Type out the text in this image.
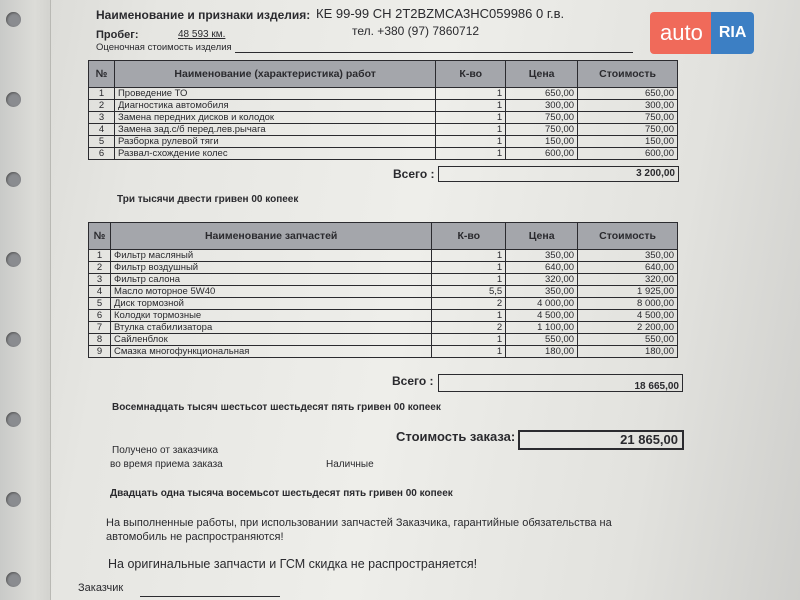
Наименование и признаки изделия: КЕ 99-99 СН 2T2BZMCA3HC059986 0 г.в.
Пробег:	48 593 км.	тел. +380 (97) 7860712
Оценочная стоимость изделия
auto	RIA
№	Наименование (характеристика) работ	К-во	Цена	Стоимость
1	Проведение ТО	1	650,00	650,00
2	Диагностика автомобиля	1	300,00	300,00
3	Замена передних дисков и колодок	1	750,00	750,00
4	Замена зад.с/б перед.лев.рычага	1	750,00	750,00
5	Разборка рулевой тяги	1	150,00	150,00
6	Развал-схождение колес	1	600,00	600,00
Всего :	3 200,00
Три тысячи двести гривен 00 копеек
№	Наименование запчастей	К-во	Цена	Стоимость
1	Фильтр масляный	1	350,00	350,00
2	Фильтр воздушный	1	640,00	640,00
3	Фильтр салона	1	320,00	320,00
4	Масло моторное 5W40	5,5	350,00	1 925,00
5	Диск тормозной	2	4 000,00	8 000,00
6	Колодки тормозные	1	4 500,00	4 500,00
7	Втулка стабилизатора	2	1 100,00	2 200,00
8	Сайленблок	1	550,00	550,00
9	Смазка многофункциональная	1	180,00	180,00
Всего :	18 665,00
Восемнадцать тысяч шестьсот шестьдесят пять гривен 00 копеек
Стоимость заказа:	21 865,00
Получено от заказчика
во время приема заказа	Наличные
Двадцать одна тысяча восемьсот шестьдесят пять гривен 00 копеек
На выполненные работы, при использовании запчастей Заказчика, гарантийные обязательства на автомобиль не распространяются!
На оригинальные запчасти и ГСМ скидка не распространяется!
Заказчик
